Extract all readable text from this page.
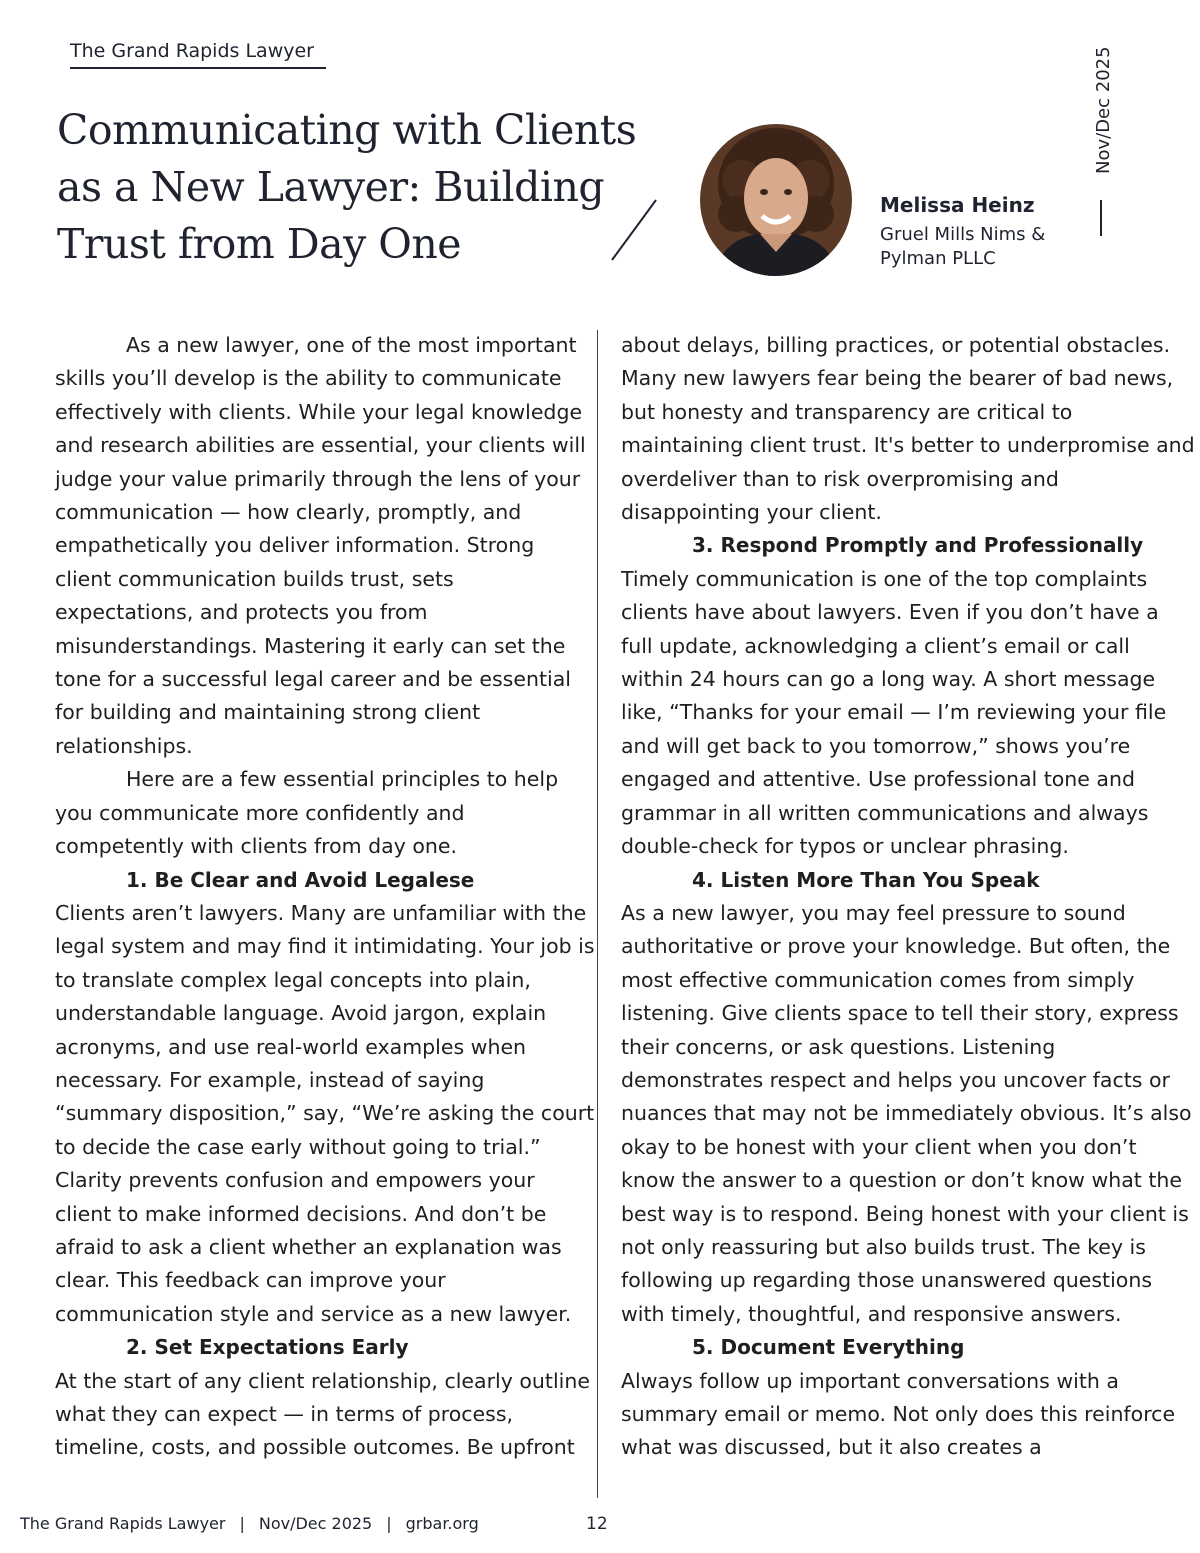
The Grand Rapids Lawyer
Communicating with Clients as a New Lawyer: Building Trust from Day One
Melissa Heinz
Gruel Mills Nims & Pylman PLLC
Nov/Dec 2025

As a new lawyer, one of the most important skills you’ll develop is the ability to communicate effectively with clients. While your legal knowledge and research abilities are essential, your clients will judge your value primarily through the lens of your communication — how clearly, promptly, and empathetically you deliver information. Strong client communication builds trust, sets expectations, and protects you from misunderstandings. Mastering it early can set the tone for a successful legal career and be essential for building and maintaining strong client relationships.

Here are a few essential principles to help you communicate more confidently and competently with clients from day one.

1. Be Clear and Avoid Legalese

Clients aren’t lawyers. Many are unfamiliar with the legal system and may find it intimidating. Your job is to translate complex legal concepts into plain, understandable language. Avoid jargon, explain acronyms, and use real-world examples when necessary. For example, instead of saying “summary disposition,” say, “We’re asking the court to decide the case early without going to trial.” Clarity prevents confusion and empowers your client to make informed decisions. And don’t be afraid to ask a client whether an explanation was clear. This feedback can improve your communication style and service as a new lawyer.

2. Set Expectations Early

At the start of any client relationship, clearly outline what they can expect — in terms of process, timeline, costs, and possible outcomes. Be upfront

about delays, billing practices, or potential obstacles. Many new lawyers fear being the bearer of bad news, but honesty and transparency are critical to maintaining client trust. It's better to underpromise and overdeliver than to risk overpromising and disappointing your client.

3. Respond Promptly and Professionally

Timely communication is one of the top complaints clients have about lawyers. Even if you don’t have a full update, acknowledging a client’s email or call within 24 hours can go a long way. A short message like, “Thanks for your email — I’m reviewing your file and will get back to you tomorrow,” shows you’re engaged and attentive. Use professional tone and grammar in all written communications and always double-check for typos or unclear phrasing.

4. Listen More Than You Speak

As a new lawyer, you may feel pressure to sound authoritative or prove your knowledge. But often, the most effective communication comes from simply listening. Give clients space to tell their story, express their concerns, or ask questions. Listening demonstrates respect and helps you uncover facts or nuances that may not be immediately obvious. It’s also okay to be honest with your client when you don’t know the answer to a question or don’t know what the best way is to respond. Being honest with your client is not only reassuring but also builds trust. The key is following up regarding those unanswered questions with timely, thoughtful, and responsive answers.

5. Document Everything

Always follow up important conversations with a summary email or memo. Not only does this reinforce what was discussed, but it also creates a

The Grand Rapids Lawyer | Nov/Dec 2025 | grbar.org	12
